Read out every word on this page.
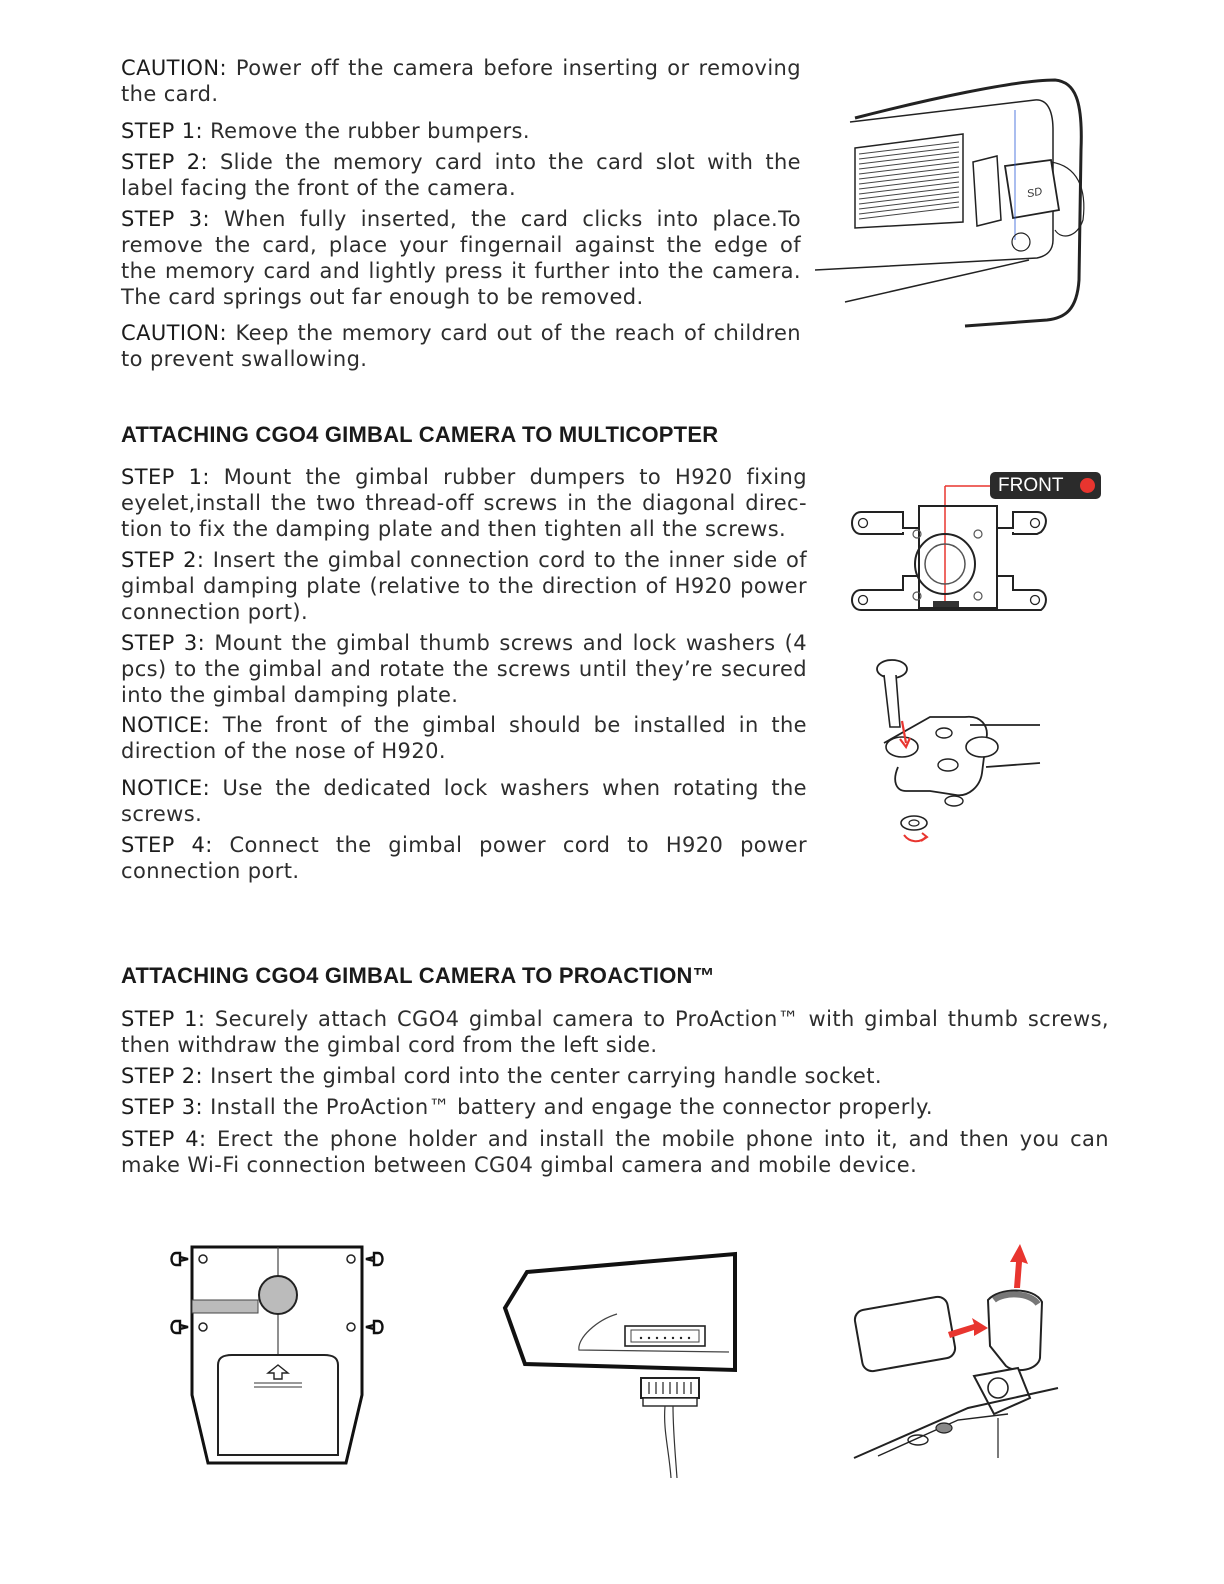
CAUTION: Power off the camera before inserting or removing the card.

STEP 1: Remove the rubber bumpers.

STEP 2: Slide the memory card into the card slot with the label facing the front of the camera.

STEP 3: When fully inserted, the card clicks into place.To remove the card, place your fingernail against the edge of the memory card and lightly press it further into the camera. The card springs out far enough to be removed.

CAUTION: Keep the memory card out of the reach of children to prevent swallowing.

SD
ATTACHING CGO4 GIMBAL CAMERA TO MULTICOPTER

STEP 1: Mount the gimbal rubber dumpers to H920 fixing eyelet,install the two thread-off screws in the diagonal direc-tion to fix the damping plate and then tighten all the screws.

STEP 2: Insert the gimbal connection cord to the inner side of gimbal damping plate (relative to the direction of H920 power connection port).

STEP 3: Mount the gimbal thumb screws and lock washers (4 pcs) to the gimbal and rotate the screws until they’re secured into the gimbal damping plate.

NOTICE: The front of the gimbal should be installed in the direction of the nose of H920.

NOTICE: Use the dedicated lock washers when rotating the screws.

STEP 4: Connect the gimbal power cord to H920 power connection port.

FRONT
ATTACHING CGO4 GIMBAL CAMERA TO PROACTION™

STEP 1: Securely attach CGO4 gimbal camera to ProAction™ with gimbal thumb screws, then withdraw the gimbal cord from the left side.

STEP 2: Insert the gimbal cord into the center carrying handle socket.

STEP 3: Install the ProAction™ battery and engage the connector properly.

STEP 4: Erect the phone holder and install the mobile phone into it, and then you can make Wi-Fi connection between CG04 gimbal camera and mobile device.
